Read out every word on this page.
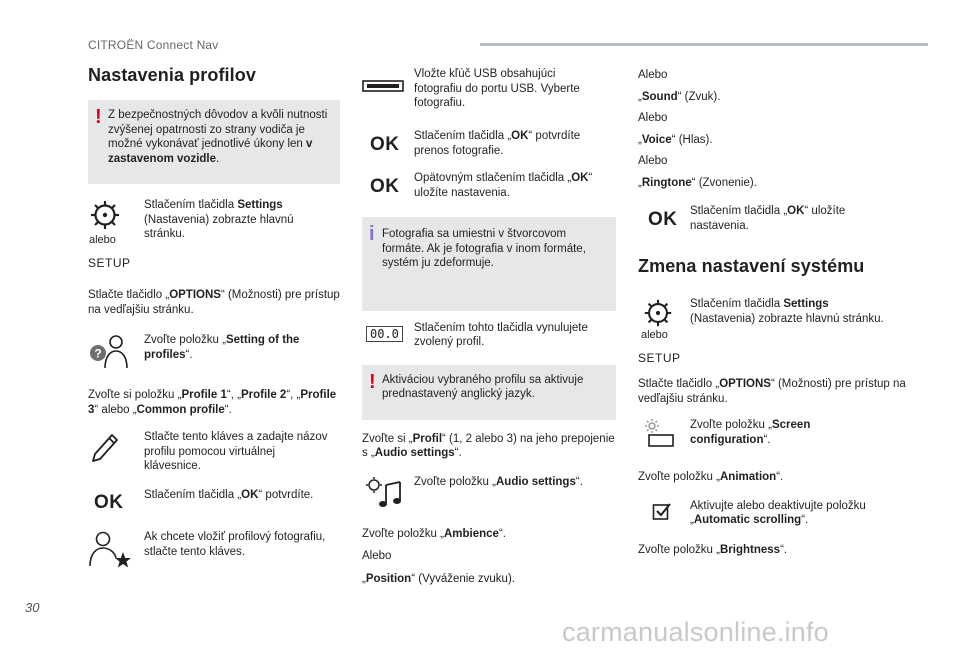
CITROËN Connect Nav
Nastavenia profilov
! Z bezpečnostných dôvodov a kvôli nutnosti zvýšenej opatrnosti zo strany vodiča je možné vykonávať jednotlivé úkony len v zastavenom vozidle.
alebo
SETUP
Stlačením tlačidla Settings (Nastavenia) zobrazte hlavnú stránku.

Stlačte tlačidlo „OPTIONS“ (Možnosti) pre prístup na vedľajšiu stránku.

?
Zvoľte položku „Setting of the profiles“.

Zvoľte si položku „Profile 1“, „Profile 2“, „Profile 3“ alebo „Common profile“.

Stlačte tento kláves a zadajte názov profilu pomocou virtuálnej klávesnice.
OK Stlačením tlačidla „OK“ potvrdíte.
Ak chcete vložiť profilový fotografiu, stlačte tento kláves.
Vložte kľúč USB obsahujúci fotografiu do portu USB. Vyberte fotografiu.
OK Stlačením tlačidla „OK“ potvrdíte prenos fotografie.
OK Opätovným stlačením tlačidla „OK“ uložíte nastavenia.
i Fotografia sa umiestni v štvorcovom formáte. Ak je fotografia v inom formáte, systém ju zdeformuje.
00.0	Stlačením tohto tlačidla vynulujete zvolený profil.
! Aktiváciou vybraného profilu sa aktivuje prednastavený anglický jazyk.

Zvoľte si „Profil“ (1, 2 alebo 3) na jeho prepojenie s „Audio settings“.

Zvoľte položku „Audio settings“.

Zvoľte položku „Ambience“.

Alebo

„Position“ (Vyváženie zvuku).

Alebo

„Sound“ (Zvuk).

Alebo

„Voice“ (Hlas).

Alebo

„Ringtone“ (Zvonenie).

OK Stlačením tlačidla „OK“ uložíte nastavenia.
Zmena nastavení systému
alebo
SETUP
Stlačením tlačidla Settings (Nastavenia) zobrazte hlavnú stránku.

Stlačte tlačidlo „OPTIONS“ (Možnosti) pre prístup na vedľajšiu stránku.

Zvoľte položku „Screen configuration“.

Zvoľte položku „Animation“.

Aktivujte alebo deaktivujte položku „Automatic scrolling“.

Zvoľte položku „Brightness“.

30
carmanualsonline.info
